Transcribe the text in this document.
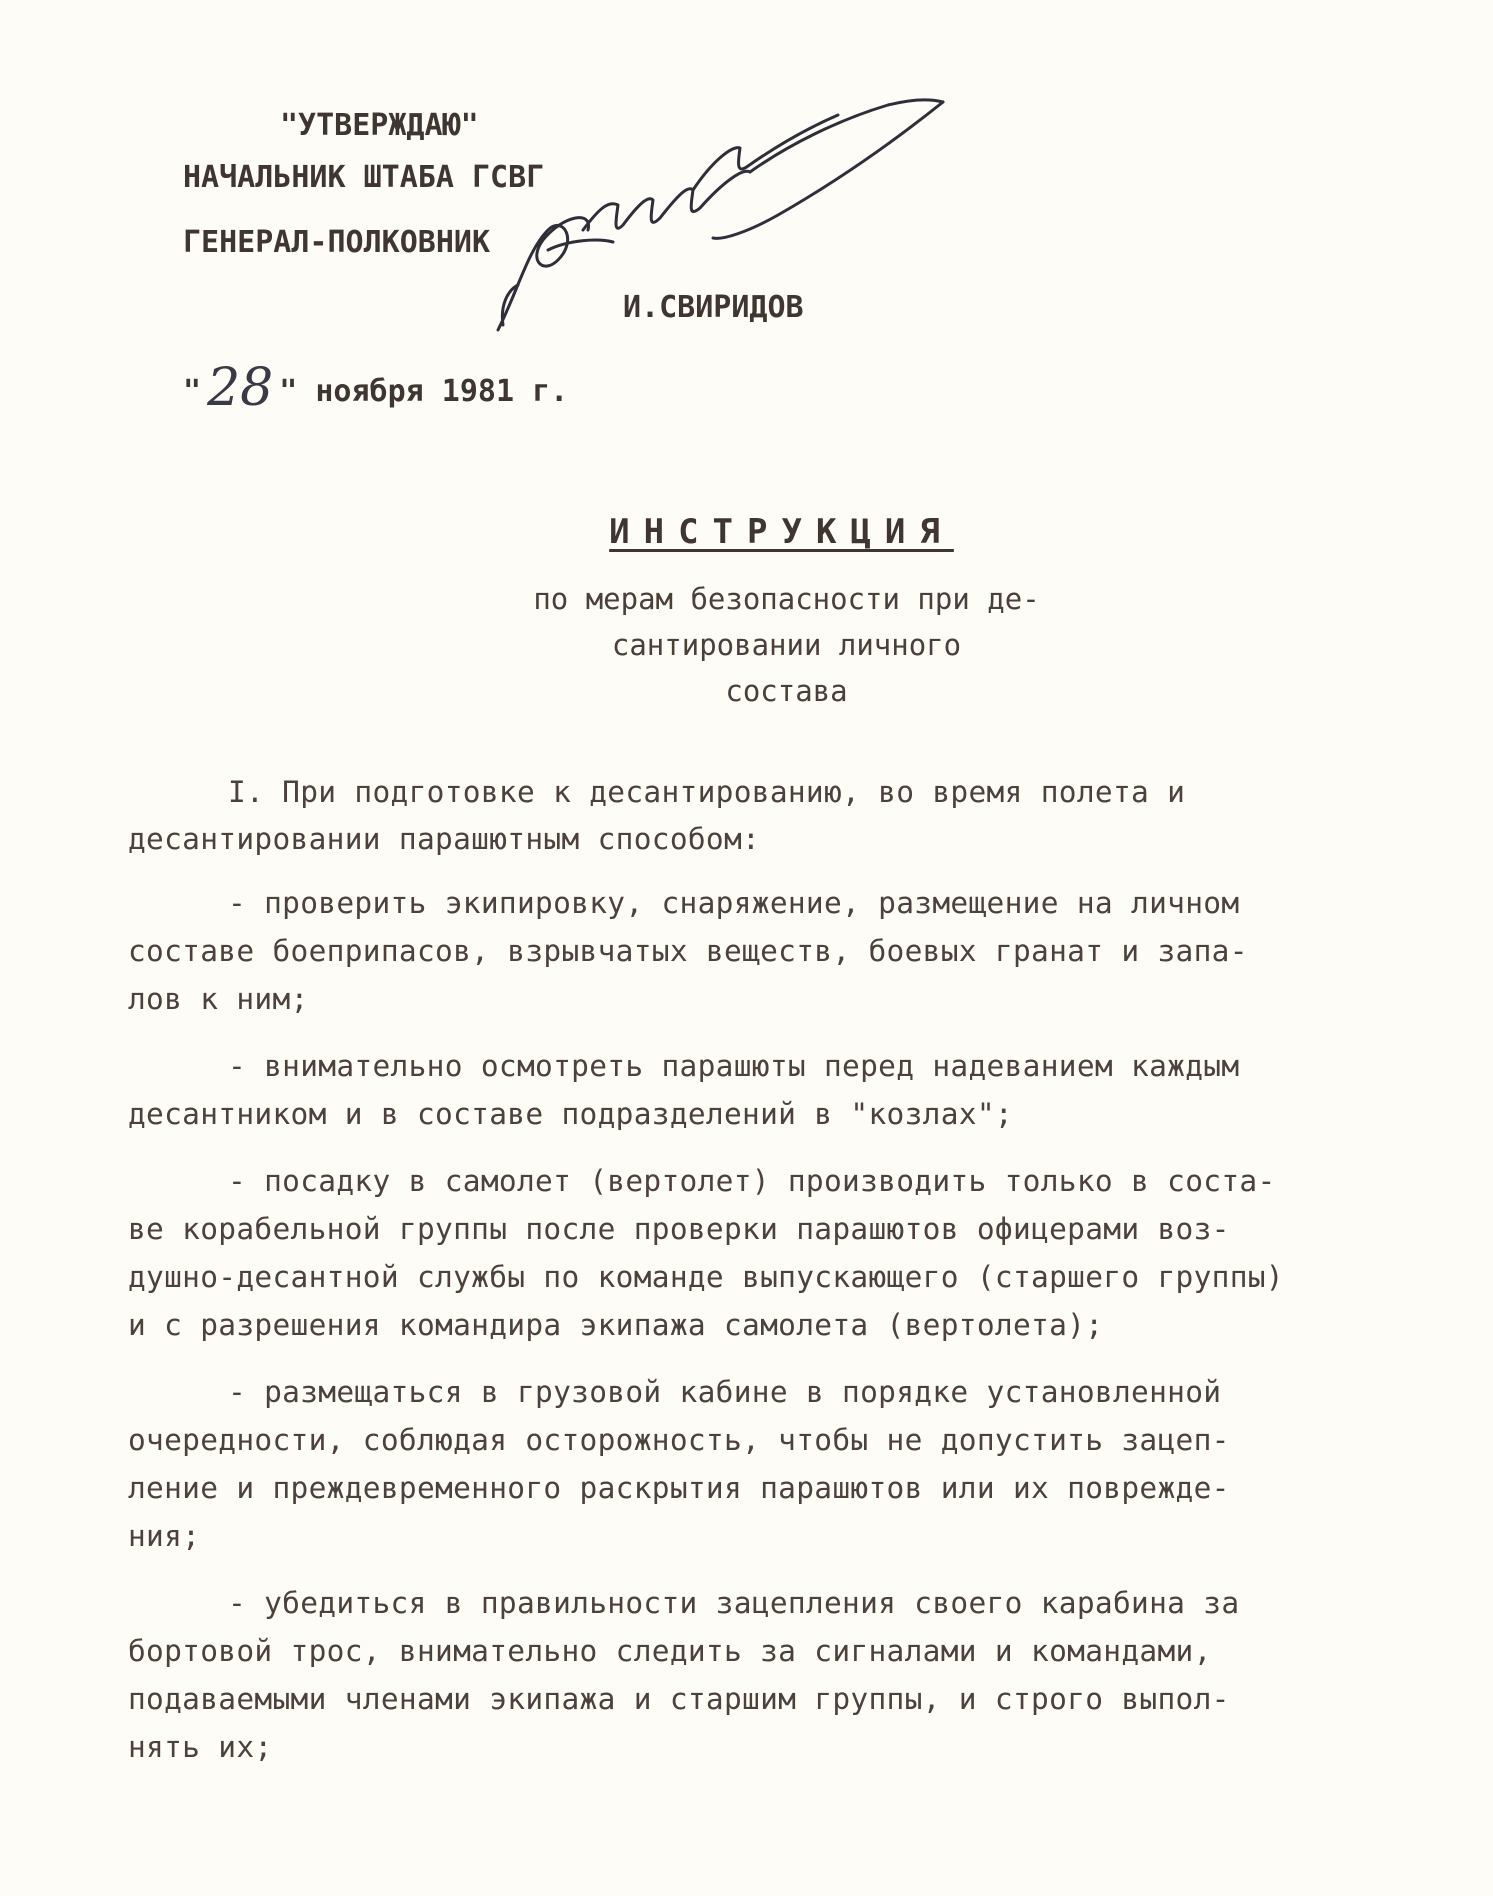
"УТВЕРЖДАЮ"
НАЧАЛЬНИК ШТАБА ГСВГ
ГЕНЕРАЛ-ПОЛКОВНИК
И.СВИРИДОВ
" 28 " ноября 1981 г.
ИНСТРУКЦИЯ
по мерам безопасности при де-
сантировании личного
состава
I. При подготовке к десантированию, во время полета и
десантировании парашютным способом:
- проверить экипировку, снаряжение, размещение на личном
составе боеприпасов, взрывчатых веществ, боевых гранат и запа-
лов к ним;
- внимательно осмотреть парашюты перед надеванием каждым
десантником и в составе подразделений в "козлах";
- посадку в самолет (вертолет) производить только в соста-
ве корабельной группы после проверки парашютов офицерами воз-
душно-десантной службы по команде выпускающего (старшего группы)
и с разрешения командира экипажа самолета (вертолета);
- размещаться в грузовой кабине в порядке установленной
очередности, соблюдая осторожность, чтобы не допустить зацеп-
ление и преждевременного раскрытия парашютов или их поврежде-
ния;
- убедиться в правильности зацепления своего карабина за
бортовой трос, внимательно следить за сигналами и командами,
подаваемыми членами экипажа и старшим группы, и строго выпол-
нять их;
